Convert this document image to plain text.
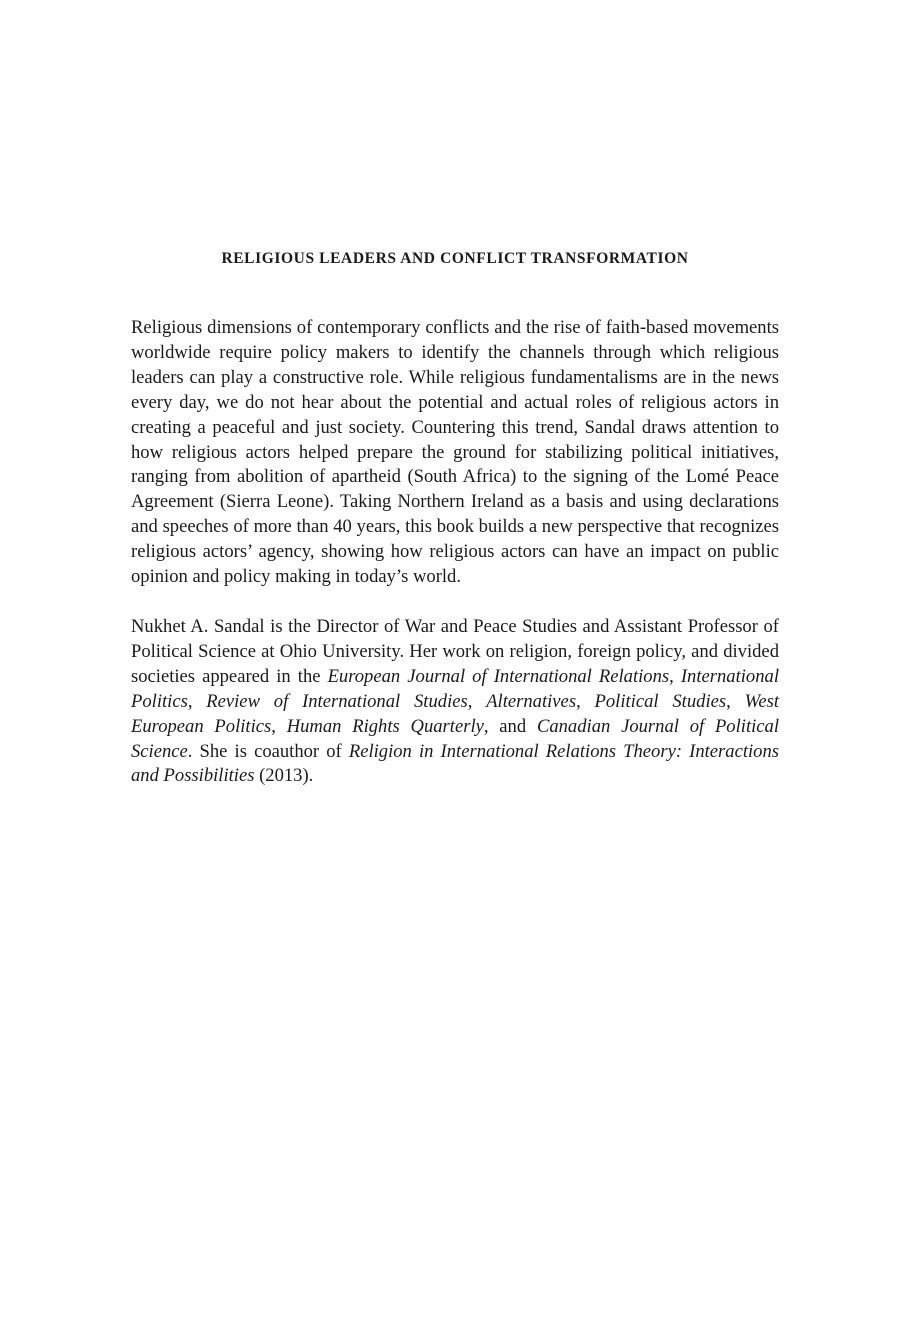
RELIGIOUS LEADERS AND CONFLICT TRANSFORMATION

Religious dimensions of contemporary conflicts and the rise of faith-based movements worldwide require policy makers to identify the channels through which religious leaders can play a constructive role. While religious fundamentalisms are in the news every day, we do not hear about the potential and actual roles of religious actors in creating a peaceful and just society. Countering this trend, Sandal draws attention to how religious actors helped prepare the ground for stabilizing political initiatives, ranging from abolition of apartheid (South Africa) to the signing of the Lomé Peace Agreement (Sierra Leone). Taking Northern Ireland as a basis and using declarations and speeches of more than 40 years, this book builds a new perspective that recognizes religious actors’ agency, showing how religious actors can have an impact on public opinion and policy making in today’s world.

Nukhet A. Sandal is the Director of War and Peace Studies and Assistant Professor of Political Science at Ohio University. Her work on religion, foreign policy, and divided societies appeared in the European Journal of International Relations, International Politics, Review of International Studies, Alternatives, Political Studies, West European Politics, Human Rights Quarterly, and Canadian Journal of Political Science. She is coauthor of Religion in International Relations Theory: Interactions and Possibilities (2013).
